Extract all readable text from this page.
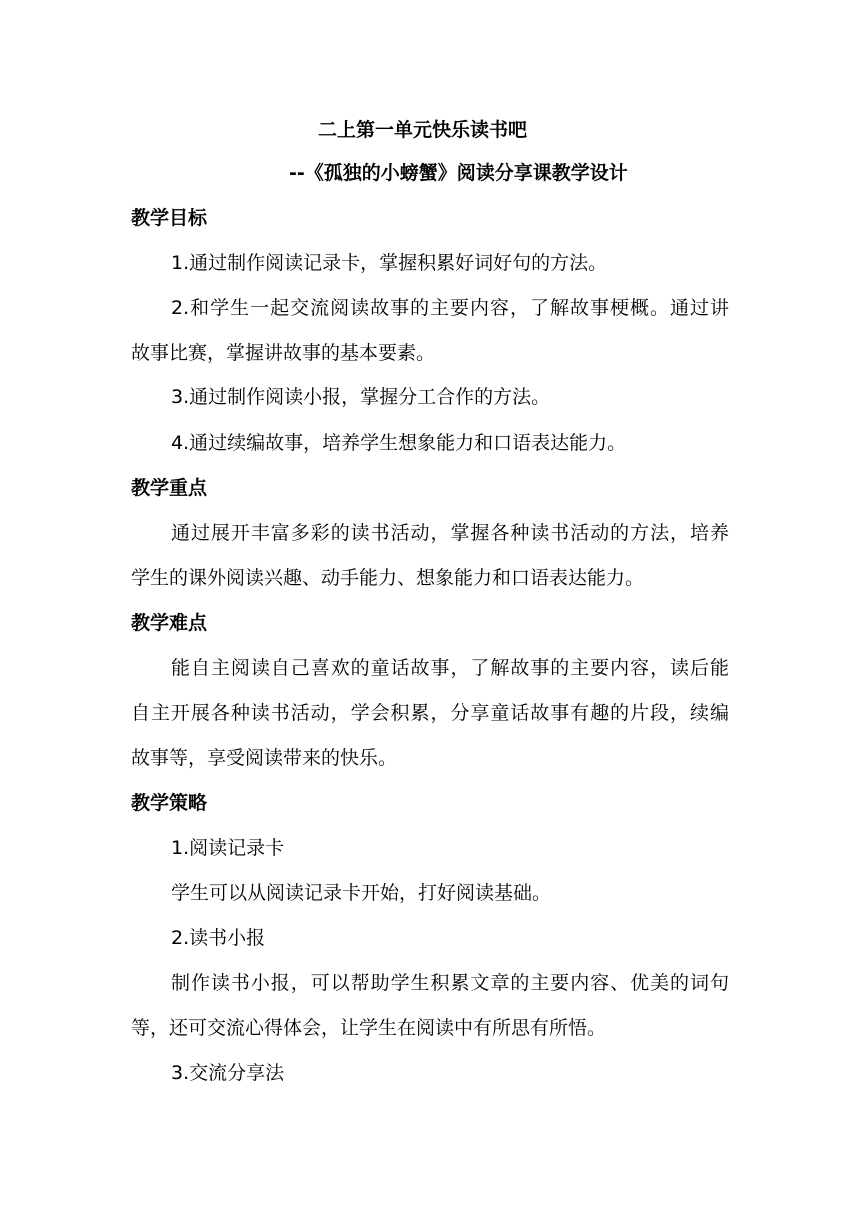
二上第一单元快乐读书吧
--《孤独的小螃蟹》阅读分享课教学设计
教学目标
1.通过制作阅读记录卡，掌握积累好词好句的方法。
2.和学生一起交流阅读故事的主要内容，了解故事梗概。通过讲
故事比赛，掌握讲故事的基本要素。
3.通过制作阅读小报，掌握分工合作的方法。
4.通过续编故事，培养学生想象能力和口语表达能力。
教学重点
通过展开丰富多彩的读书活动，掌握各种读书活动的方法，培养
学生的课外阅读兴趣、动手能力、想象能力和口语表达能力。
教学难点
能自主阅读自己喜欢的童话故事，了解故事的主要内容，读后能
自主开展各种读书活动，学会积累，分享童话故事有趣的片段，续编
故事等，享受阅读带来的快乐。
教学策略
1.阅读记录卡
学生可以从阅读记录卡开始，打好阅读基础。
2.读书小报
制作读书小报，可以帮助学生积累文章的主要内容、优美的词句
等，还可交流心得体会，让学生在阅读中有所思有所悟。
3.交流分享法
